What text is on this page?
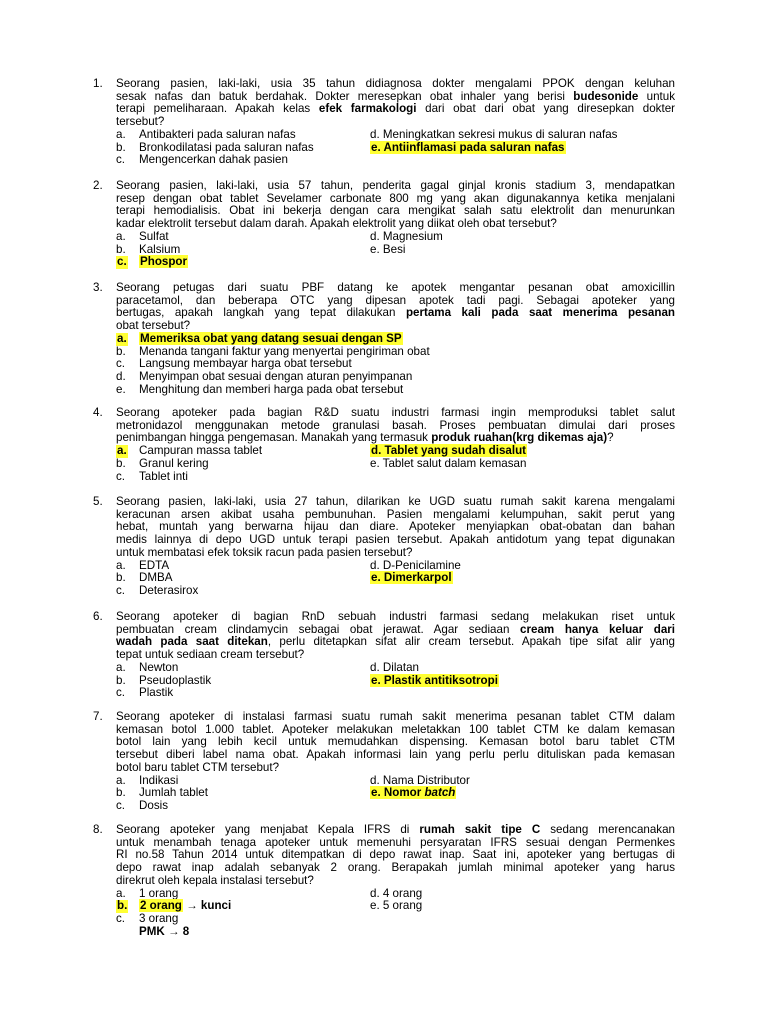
1. Seorang pasien, laki-laki, usia 35 tahun didiagnosa dokter mengalami PPOK dengan keluhan
sesak nafas dan batuk berdahak. Dokter meresepkan obat inhaler yang berisi budesonide untuk
terapi pemeliharaan. Apakah kelas efek farmakologi dari obat dari obat yang diresepkan dokter
tersebut?
a. Antibakteri pada saluran nafas
b. Bronkodilatasi pada saluran nafas
c. Mengencerkan dahak pasien
d. Meningkatkan sekresi mukus di saluran nafas
e. Antiinflamasi pada saluran nafas
2. Seorang pasien, laki-laki, usia 57 tahun, penderita gagal ginjal kronis stadium 3, mendapatkan
resep dengan obat tablet Sevelamer carbonate 800 mg yang akan digunakannya ketika menjalani
terapi hemodialisis. Obat ini bekerja dengan cara mengikat salah satu elektrolit dan menurunkan
kadar elektrolit tersebut dalam darah. Apakah elektrolit yang diikat oleh obat tersebut?
a. Sulfat
b. Kalsium
c. Phospor
d. Magnesium
e. Besi
3. Seorang petugas dari suatu PBF datang ke apotek mengantar pesanan obat amoxicillin
paracetamol, dan beberapa OTC yang dipesan apotek tadi pagi. Sebagai apoteker yang
bertugas, apakah langkah yang tepat dilakukan pertama kali pada saat menerima pesanan
obat tersebut?
a. Memeriksa obat yang datang sesuai dengan SP
b. Menanda tangani faktur yang menyertai pengiriman obat
c. Langsung membayar harga obat tersebut
d. Menyimpan obat sesuai dengan aturan penyimpanan
e. Menghitung dan memberi harga pada obat tersebut
4. Seorang apoteker pada bagian R&D suatu industri farmasi ingin memproduksi tablet salut
metronidazol menggunakan metode granulasi basah. Proses pembuatan dimulai dari proses
penimbangan hingga pengemasan. Manakah yang termasuk produk ruahan(krg dikemas aja)?
a. Campuran massa tablet
b. Granul kering
c. Tablet inti
d. Tablet yang sudah disalut
e. Tablet salut dalam kemasan
5. Seorang pasien, laki-laki, usia 27 tahun, dilarikan ke UGD suatu rumah sakit karena mengalami
keracunan arsen akibat usaha pembunuhan. Pasien mengalami kelumpuhan, sakit perut yang
hebat, muntah yang berwarna hijau dan diare. Apoteker menyiapkan obat-obatan dan bahan
medis lainnya di depo UGD untuk terapi pasien tersebut. Apakah antidotum yang tepat digunakan
untuk membatasi efek toksik racun pada pasien tersebut?
a. EDTA
b. DMBA
c. Deterasirox
d. D-Penicilamine
e. Dimerkarpol
6. Seorang apoteker di bagian RnD sebuah industri farmasi sedang melakukan riset untuk
pembuatan cream clindamycin sebagai obat jerawat. Agar sediaan cream hanya keluar dari
wadah pada saat ditekan, perlu ditetapkan sifat alir cream tersebut. Apakah tipe sifat alir yang
tepat untuk sediaan cream tersebut?
a. Newton
b. Pseudoplastik
c. Plastik
d. Dilatan
e. Plastik antitiksotropi
7. Seorang apoteker di instalasi farmasi suatu rumah sakit menerima pesanan tablet CTM dalam
kemasan botol 1.000 tablet. Apoteker melakukan meletakkan 100 tablet CTM ke dalam kemasan
botol lain yang lebih kecil untuk memudahkan dispensing. Kemasan botol baru tablet CTM
tersebut diberi label nama obat. Apakah informasi lain yang perlu perlu dituliskan pada kemasan
botol baru tablet CTM tersebut?
a. Indikasi
b. Jumlah tablet
c. Dosis
d. Nama Distributor
e. Nomor batch
8. Seorang apoteker yang menjabat Kepala IFRS di rumah sakit tipe C sedang merencanakan
untuk menambah tenaga apoteker untuk memenuhi persyaratan IFRS sesuai dengan Permenkes
RI no.58 Tahun 2014 untuk ditempatkan di depo rawat inap. Saat ini, apoteker yang bertugas di
depo rawat inap adalah sebanyak 2 orang. Berapakah jumlah minimal apoteker yang harus
direkrut oleh kepala instalasi tersebut?
a. 1 orang
b. 2 orang → kunci
c. 3 orang
d. 4 orang
e. 5 orang
PMK → 8
